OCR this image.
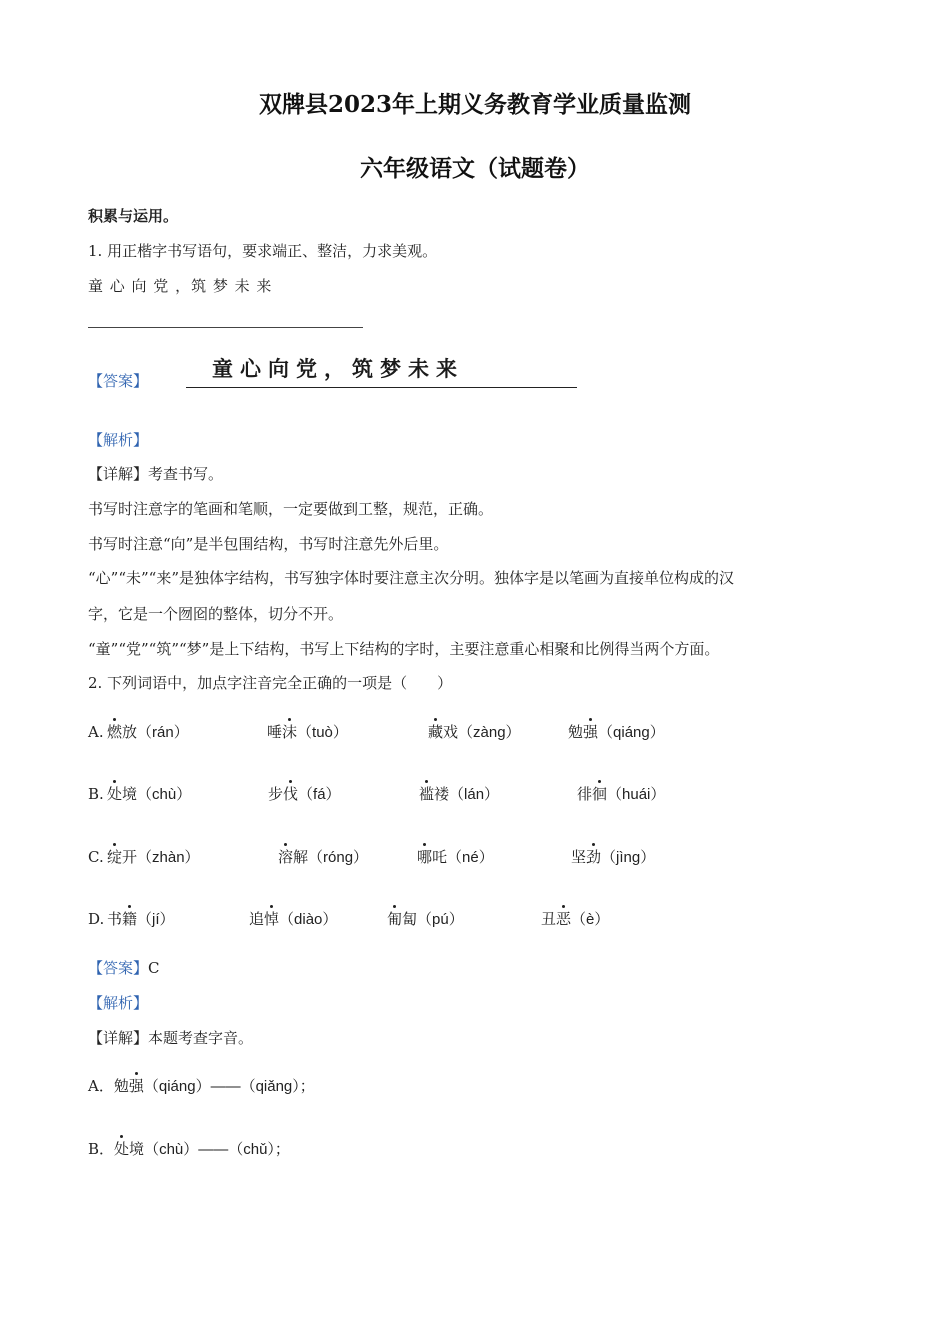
双牌县2023年上期义务教育学业质量监测
六年级语文（试题卷）
积累与运用。
1. 用正楷字书写语句，要求端正、整洁，力求美观。
童 心 向 党 ，筑 梦 未 来
【答案】	童心向党，筑梦未来
【解析】
【详解】考查书写。
书写时注意字的笔画和笔顺，一定要做到工整，规范，正确。
书写时注意“向”是半包围结构，书写时注意先外后里。
“心”“未”“来”是独体字结构，书写独字体时要注意主次分明。独体字是以笔画为直接单位构成的汉
字，它是一个囫囵的整体，切分不开。
“童”“党”“筑”“梦”是上下结构，书写上下结构的字时，主要注意重心相聚和比例得当两个方面。
2. 下列词语中，加点字注音完全正确的一项是（　　）
A. 燃放（rán）	唾沫（tuò）	藏戏（zàng）	勉强（qiáng）
B. 处境（chù）	步伐（fá）	褴褛（lán）	徘徊（huái）
C. 绽开（zhàn）	溶解（róng）	哪吒（né）	坚劲（jìng）
D. 书籍（jí）	追悼（diào）	匍匐（pú）	丑恶（è）
【答案】C
【解析】
【详解】本题考查字音。
A．勉强（qiáng）——（qiǎng）；
B．处境（chù）——（chǔ）；
